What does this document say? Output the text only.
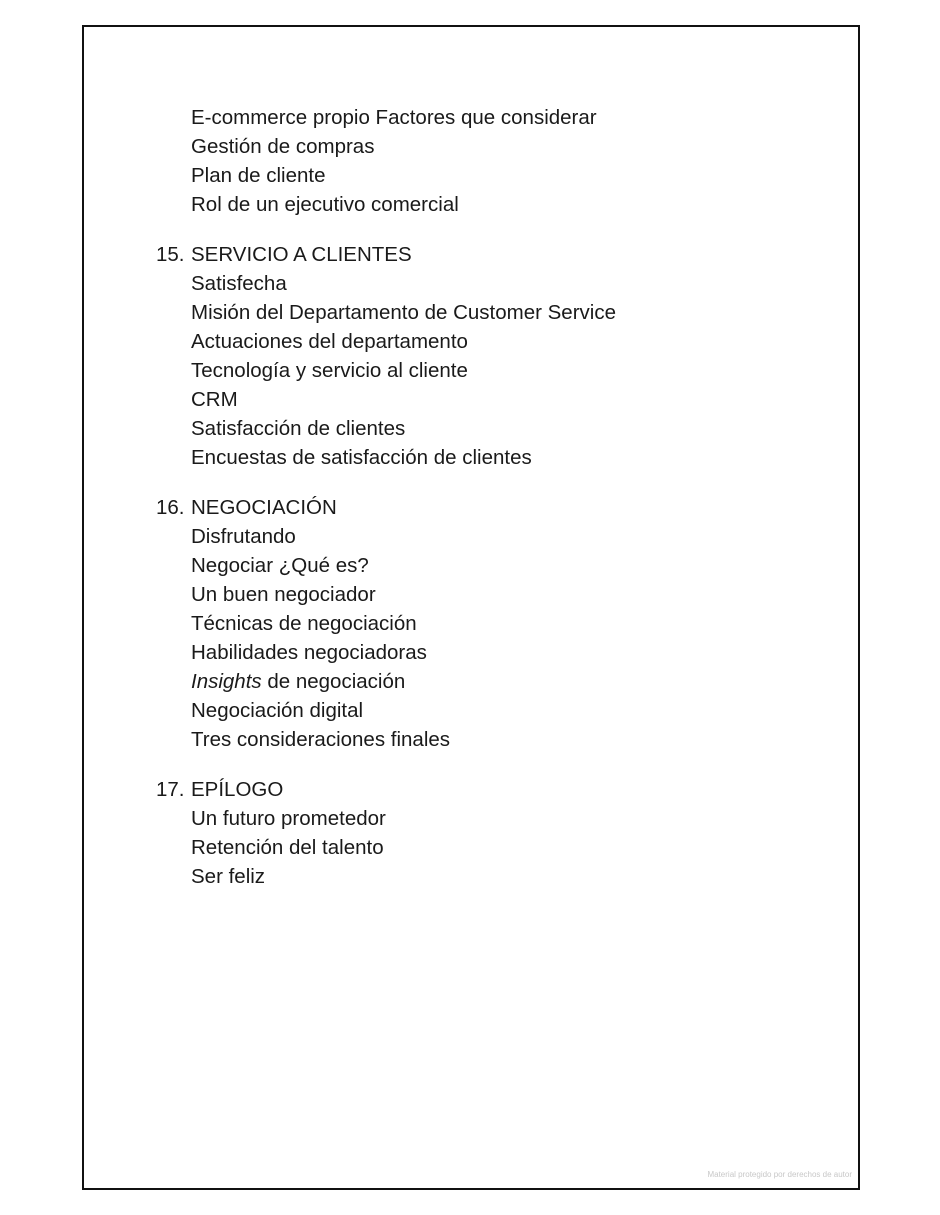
E-commerce propio Factores que considerar
Gestión de compras
Plan de cliente
Rol de un ejecutivo comercial
15. SERVICIO A CLIENTES
Satisfecha
Misión del Departamento de Customer Service
Actuaciones del departamento
Tecnología y servicio al cliente
CRM
Satisfacción de clientes
Encuestas de satisfacción de clientes
16. NEGOCIACIÓN
Disfrutando
Negociar ¿Qué es?
Un buen negociador
Técnicas de negociación
Habilidades negociadoras
Insights de negociación
Negociación digital
Tres consideraciones finales
17. EPÍLOGO
Un futuro prometedor
Retención del talento
Ser feliz
Material protegido por derechos de autor
